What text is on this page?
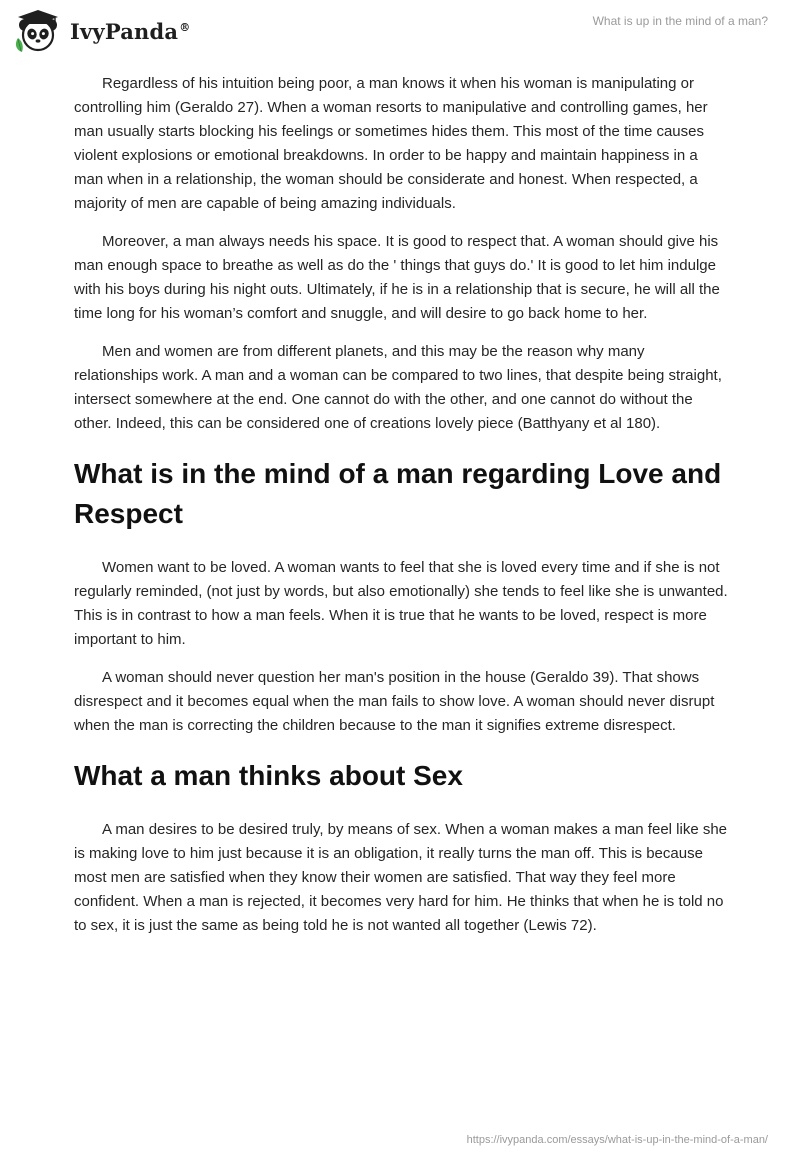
IvyPanda®	What is up in the mind of a man?

Regardless of his intuition being poor, a man knows it when his woman is manipulating or controlling him (Geraldo 27). When a woman resorts to manipulative and controlling games, her man usually starts blocking his feelings or sometimes hides them. This most of the time causes violent explosions or emotional breakdowns. In order to be happy and maintain happiness in a man when in a relationship, the woman should be considerate and honest. When respected, a majority of men are capable of being amazing individuals.

Moreover, a man always needs his space. It is good to respect that. A woman should give his man enough space to breathe as well as do the ' things that guys do.' It is good to let him indulge with his boys during his night outs. Ultimately, if he is in a relationship that is secure, he will all the time long for his woman’s comfort and snuggle, and will desire to go back home to her.

Men and women are from different planets, and this may be the reason why many relationships work. A man and a woman can be compared to two lines, that despite being straight, intersect somewhere at the end. One cannot do with the other, and one cannot do without the other. Indeed, this can be considered one of creations lovely piece (Batthyany et al 180).

What is in the mind of a man regarding Love and Respect

Women want to be loved. A woman wants to feel that she is loved every time and if she is not regularly reminded, (not just by words, but also emotionally) she tends to feel like she is unwanted. This is in contrast to how a man feels. When it is true that he wants to be loved, respect is more important to him.

A woman should never question her man's position in the house (Geraldo 39). That shows disrespect and it becomes equal when the man fails to show love. A woman should never disrupt when the man is correcting the children because to the man it signifies extreme disrespect.

What a man thinks about Sex

A man desires to be desired truly, by means of sex. When a woman makes a man feel like she is making love to him just because it is an obligation, it really turns the man off. This is because most men are satisfied when they know their women are satisfied. That way they feel more confident. When a man is rejected, it becomes very hard for him. He thinks that when he is told no to sex, it is just the same as being told he is not wanted all together (Lewis 72).

https://ivypanda.com/essays/what-is-up-in-the-mind-of-a-man/
